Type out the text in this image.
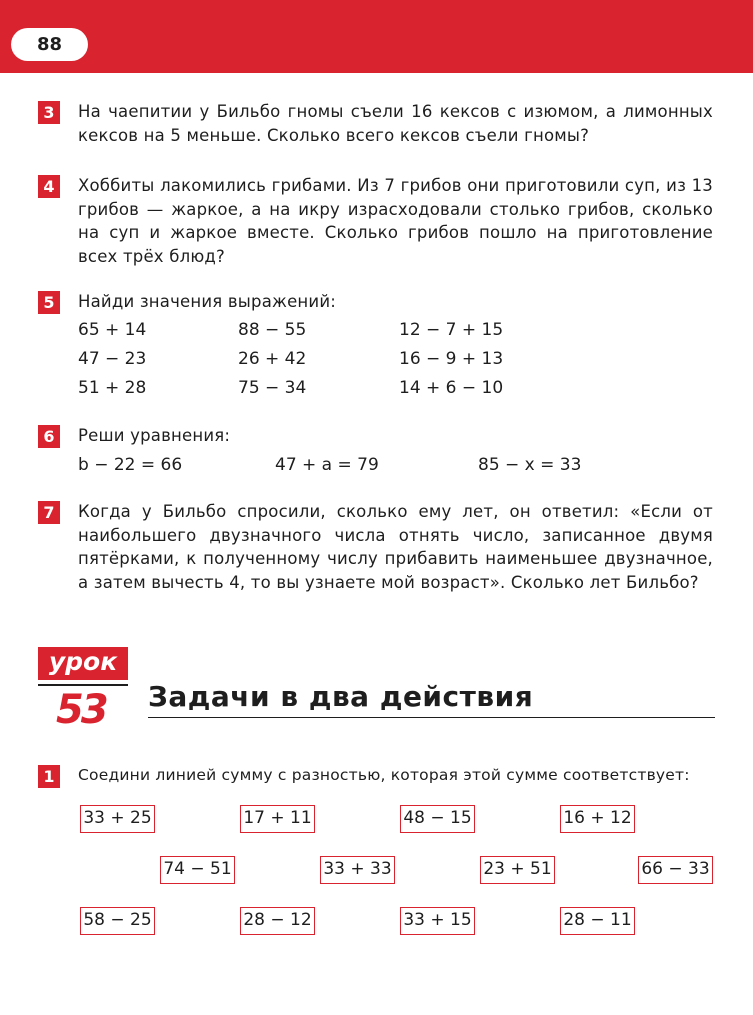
88
3	На чаепитии у Бильбо гномы съели 16 кексов с изюмом, а лимонных кексов на 5 меньше. Сколько всего кексов съели гномы?
4	Хоббиты лакомились грибами. Из 7 грибов они приготовили суп, из 13 грибов — жаркое, а на икру израсходовали столько грибов, сколько на суп и жаркое вместе. Сколько грибов пошло на приготовление всех трёх блюд?
5	Найди значения выражений:
65 + 14	88 − 55	12 − 7 + 15
47 − 23	26 + 42	16 − 9 + 13
51 + 28	75 − 34	14 + 6 − 10
6	Реши уравнения:
b − 22 = 66	47 + a = 79	85 − x = 33
7	Когда у Бильбо спросили, сколько ему лет, он ответил: «Если от наибольшего двузначного числа отнять число, записанное двумя пятёрками, к полученному числу прибавить наименьшее двузначное, а затем вычесть 4, то вы узнаете мой возраст». Сколько лет Бильбо?
урок
53 Задачи в два действия
1	Соедини линией сумму с разностью, которая этой сумме соответствует:
33 + 25	17 + 11	48 − 15	16 + 12
74 − 51	33 + 33	23 + 51	66 − 33
58 − 25	28 − 12	33 + 15	28 − 11
